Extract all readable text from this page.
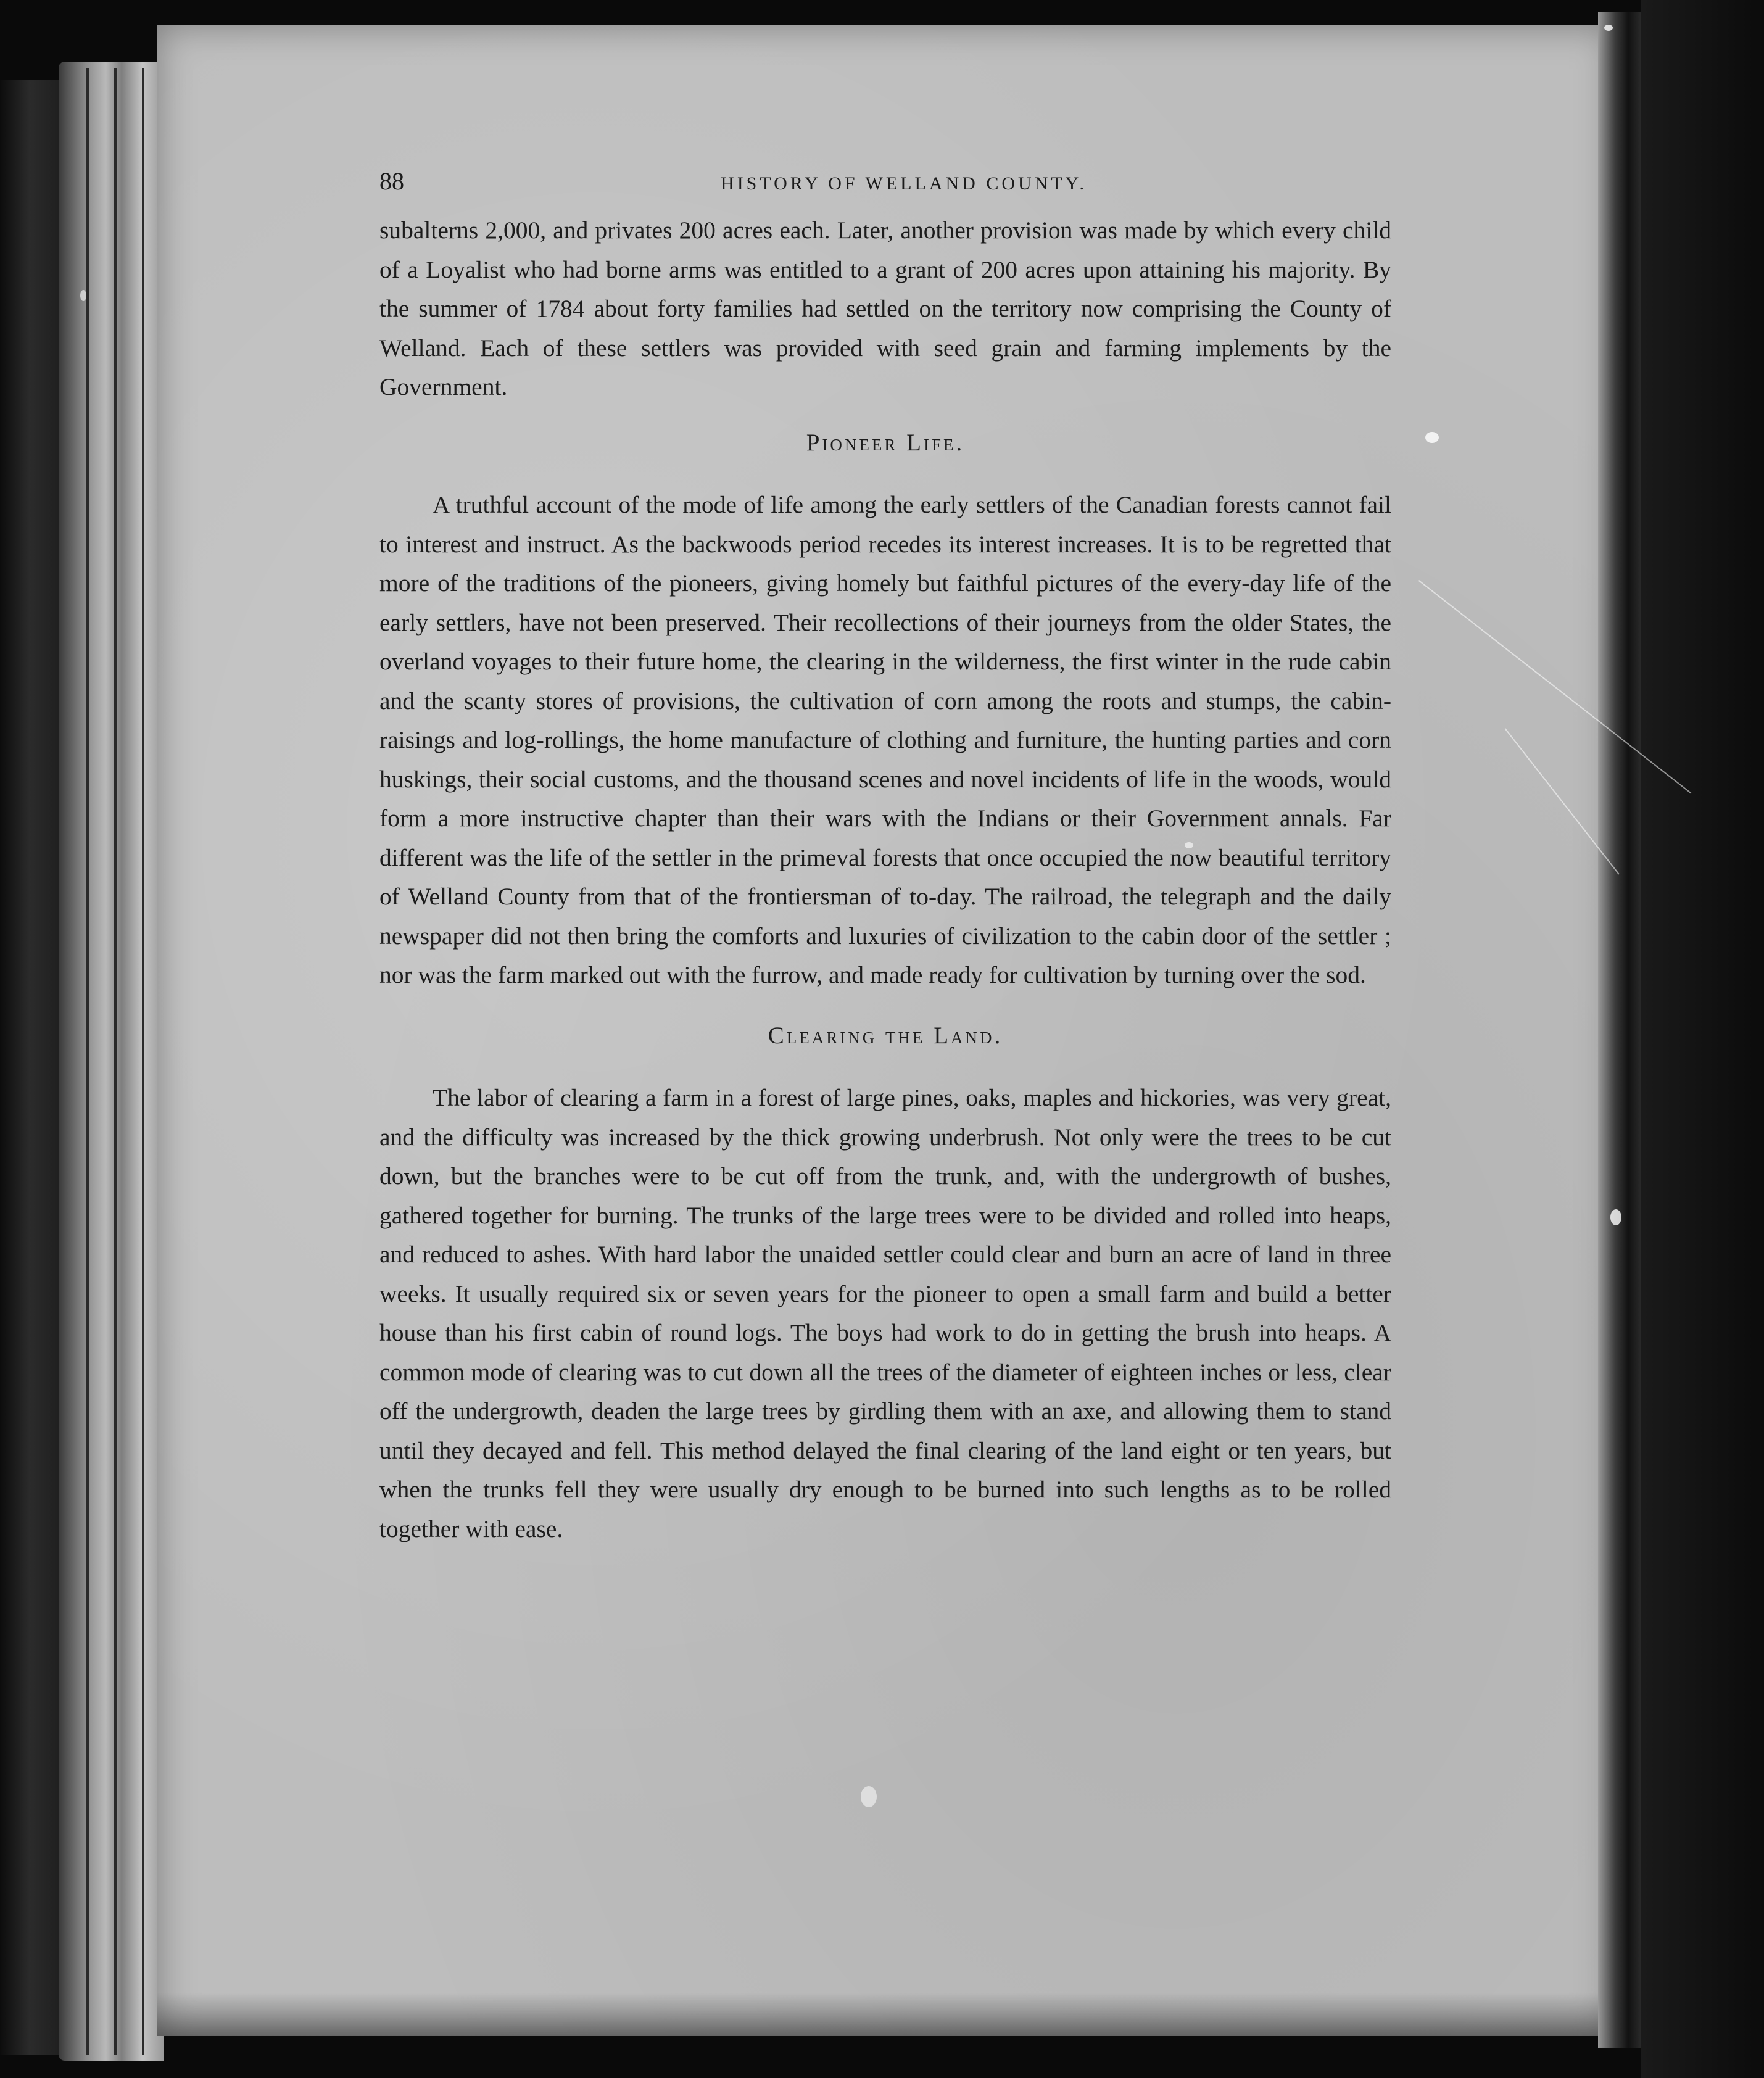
88	HISTORY OF WELLAND COUNTY.

subalterns 2,000, and privates 200 acres each. Later, another provision was made by which every child of a Loyalist who had borne arms was entitled to a grant of 200 acres upon attaining his majority. By the summer of 1784 about forty families had settled on the territory now comprising the County of Welland. Each of these settlers was provided with seed grain and farming implements by the Government.

Pioneer Life.

A truthful account of the mode of life among the early settlers of the Canadian forests cannot fail to interest and instruct. As the backwoods period recedes its interest increases. It is to be regretted that more of the traditions of the pioneers, giving homely but faithful pictures of the every-day life of the early settlers, have not been preserved. Their recollections of their journeys from the older States, the overland voyages to their future home, the clearing in the wilderness, the first winter in the rude cabin and the scanty stores of provisions, the cultivation of corn among the roots and stumps, the cabin-raisings and log-rollings, the home manufacture of clothing and furniture, the hunting parties and corn huskings, their social customs, and the thousand scenes and novel incidents of life in the woods, would form a more instructive chapter than their wars with the Indians or their Government annals. Far different was the life of the settler in the primeval forests that once occupied the now beautiful territory of Welland County from that of the frontiersman of to-day. The railroad, the telegraph and the daily newspaper did not then bring the comforts and luxuries of civilization to the cabin door of the settler ; nor was the farm marked out with the furrow, and made ready for cultivation by turning over the sod.

Clearing the Land.

The labor of clearing a farm in a forest of large pines, oaks, maples and hickories, was very great, and the difficulty was increased by the thick growing underbrush. Not only were the trees to be cut down, but the branches were to be cut off from the trunk, and, with the undergrowth of bushes, gathered together for burning. The trunks of the large trees were to be divided and rolled into heaps, and reduced to ashes. With hard labor the unaided settler could clear and burn an acre of land in three weeks. It usually required six or seven years for the pioneer to open a small farm and build a better house than his first cabin of round logs. The boys had work to do in getting the brush into heaps. A common mode of clearing was to cut down all the trees of the diameter of eighteen inches or less, clear off the undergrowth, deaden the large trees by girdling them with an axe, and allowing them to stand until they decayed and fell. This method delayed the final clearing of the land eight or ten years, but when the trunks fell they were usually dry enough to be burned into such lengths as to be rolled together with ease.
